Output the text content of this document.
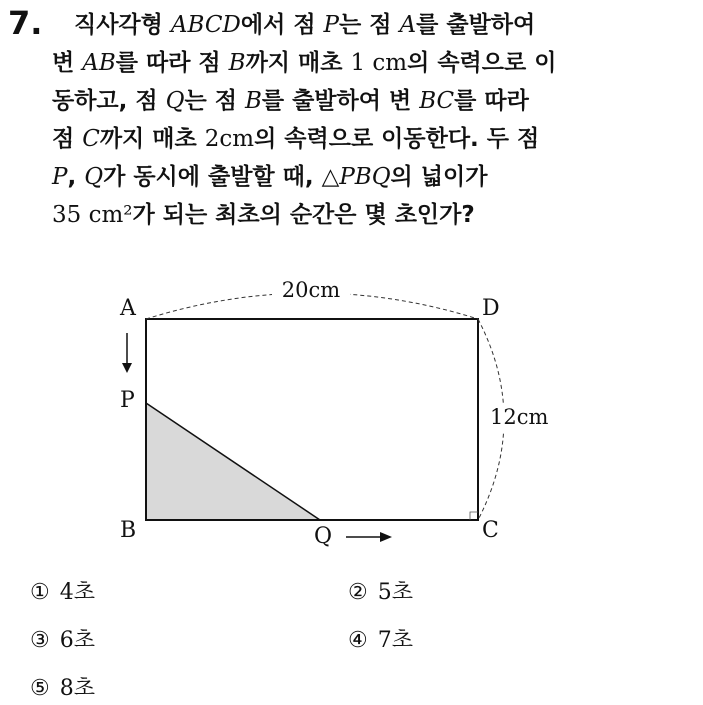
7.	직사각형 ABCD에서 점 P는 점 A를 출발하여
변 AB를 따라 점 B까지 매초 1 cm의 속력으로 이
동하고, 점 Q는 점 B를 출발하여 변 BC를 따라
점 C까지 매초 2cm의 속력으로 이동한다. 두 점
P, Q가 동시에 출발할 때, △PBQ의 넓이가
35 cm²가 되는 최초의 순간은 몇 초인가?
20cm
12cm
A	D
P
B	C
Q
① 4초	② 5초
③ 6초	④ 7초
⑤ 8초
